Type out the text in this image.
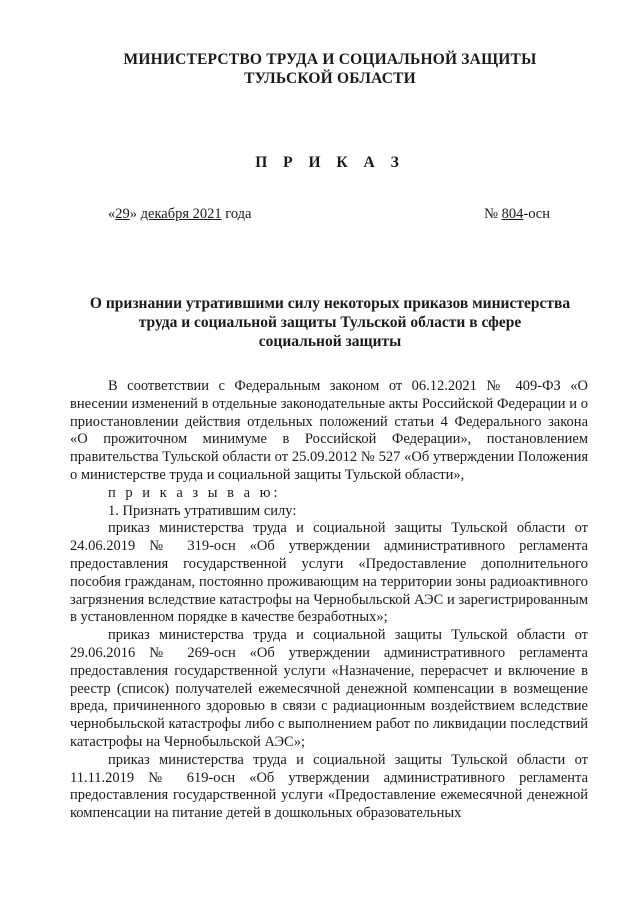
МИНИСТЕРСТВО ТРУДА И СОЦИАЛЬНОЙ ЗАЩИТЫ
ТУЛЬСКОЙ ОБЛАСТИ
П Р И К А З
«29» декабря 2021 года	№ 804-осн
О признании утратившими силу некоторых приказов министерства
труда и социальной защиты Тульской области в сфере
социальной защиты

В соответствии с Федеральным законом от 06.12.2021 № 409-ФЗ «О внесении изменений в отдельные законодательные акты Российской Федерации и о приостановлении действия отдельных положений статьи 4 Федерального закона «О прожиточном минимуме в Российской Федерации», постановлением правительства Тульской области от 25.09.2012 № 527 «Об утверждении Положения о министерстве труда и социальной защиты Тульской области»,

п р и к а з ы в а ю:

1. Признать утратившим силу:

приказ министерства труда и социальной защиты Тульской области от 24.06.2019 № 319-осн «Об утверждении административного регламента предоставления государственной услуги «Предоставление дополнительного пособия гражданам, постоянно проживающим на территории зоны радиоактивного загрязнения вследствие катастрофы на Чернобыльской АЭС и зарегистрированным в установленном порядке в качестве безработных»;

приказ министерства труда и социальной защиты Тульской области от 29.06.2016 № 269-осн «Об утверждении административного регламента предоставления государственной услуги «Назначение, перерасчет и включение в реестр (список) получателей ежемесячной денежной компенсации в возмещение вреда, причиненного здоровью в связи с радиационным воздействием вследствие чернобыльской катастрофы либо с выполнением работ по ликвидации последствий катастрофы на Чернобыльской АЭС»;

приказ министерства труда и социальной защиты Тульской области от 11.11.2019 № 619-осн «Об утверждении административного регламента предоставления государственной услуги «Предоставление ежемесячной денежной компенсации на питание детей в дошкольных образовательных
